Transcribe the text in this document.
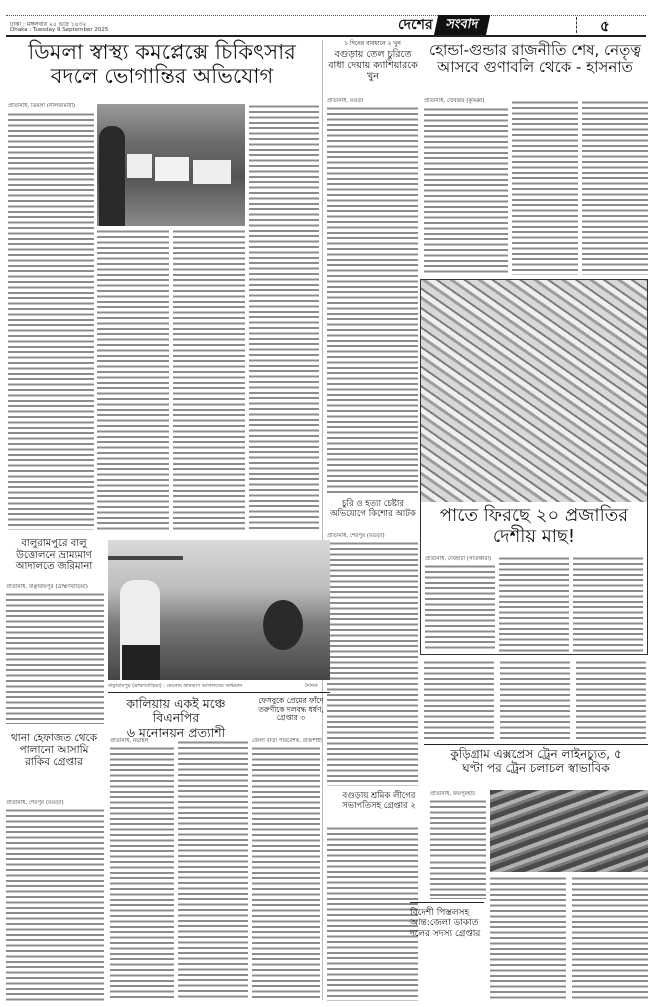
ঢাকা : মঙ্গলবার ২৫ ভাদ্র ১৪৩২
Dhaka : Tuesday 9 September 2025	দেশের সংবাদ	৫
ডিমলা স্বাস্থ্য কমপ্লেক্সে চিকিৎসার
বদলে ভোগান্তির অভিযোগ
প্রতিনিধি, ডিমলা (নীলফামারী)
১ দিনের ব্যবধানে ২ খুন
বগুড়ায় তেল চুরিতে বাধা দেয়ায় ক্যাশিয়ারকে খুন
প্রতিনিধি, বগুড়া
চুরি ও হত্যা চেষ্টার অভিযোগে কিশোর আটক
প্রতিনিধি, শেরপুর (বগুড়া)
বগুড়ায় শ্রমিক লীগের সভাপতিসহ গ্রেপ্তার ২
হোন্ডা-গুন্ডার রাজনীতি শেষ, নেতৃত্ব
আসবে গুণাবলি থেকে - হাসনাত
প্রতিনিধি, দেবিদ্বার (কুমিল্লা)
পাতে ফিরছে ২০ প্রজাতির
দেশীয় মাছ!
প্রতিনিধি, দেবহাটা (সাতক্ষীরা)
বালুরামপুরে বালু উত্তোলনে ভ্রাম্যমাণ আদালতে জরিমানা
প্রতিনিধি, বাঞ্ছারামপুর (ব্রাহ্মণবাড়িয়া)
বাঞ্ছারামপুর (ব্রাহ্মণবাড়িয়া) : মেঘনায় ভ্রাম্যমাণ আদালতের অভিযান	দৈনিক
কালিয়ায় একই মঞ্চে বিএনপির
৬ মনোনয়ন প্রত্যাশী
প্রতিনিধি, নড়াইল
ফেসবুকে প্রেমের ফাঁদে তরুণীকে দলবদ্ধ ধর্ষণ, গ্রেপ্তার ৩
জেলা বার্তা পরিবেশক, রাজশাহী
থানা হেফাজত থেকে পালানো আসামি রাকিব গ্রেপ্তার
প্রতিনিধি, শেরপুর (বগুড়া)
কুড়িগ্রাম এক্সপ্রেস ট্রেন লাইনচ্যুত, ৫
ঘণ্টা পর ট্রেন চলাচল স্বাভাবিক
প্রতিনিধি, জয়পুরহাট
বিদেশী পিস্তলসহ আন্ত:জেলা ডাকাত দলের সদস্য গ্রেপ্তার
